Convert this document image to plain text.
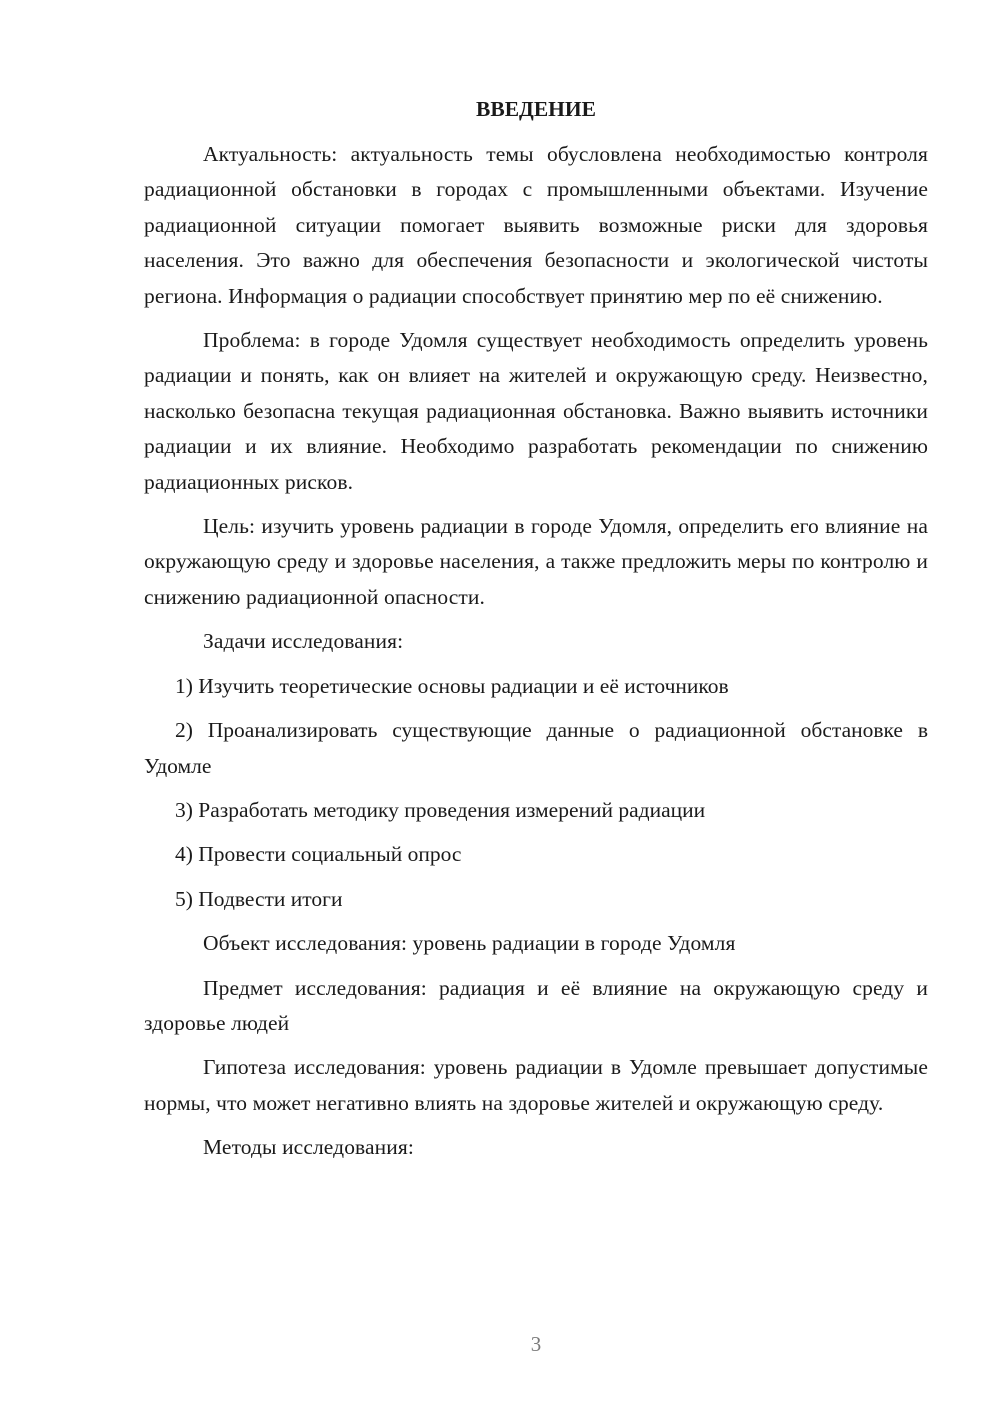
ВВЕДЕНИЕ

Актуальность: актуальность темы обусловлена необходимостью контроля радиационной обстановки в городах с промышленными объектами. Изучение радиационной ситуации помогает выявить возможные риски для здоровья населения. Это важно для обеспечения безопасности и экологической чистоты региона. Информация о радиации способствует принятию мер по её снижению.

Проблема: в городе Удомля существует необходимость определить уровень радиации и понять, как он влияет на жителей и окружающую среду. Неизвестно, насколько безопасна текущая радиационная обстановка. Важно выявить источники радиации и их влияние. Необходимо разработать рекомендации по снижению радиационных рисков.

Цель: изучить уровень радиации в городе Удомля, определить его влияние на окружающую среду и здоровье населения, а также предложить меры по контролю и снижению радиационной опасности.

Задачи исследования:

1) Изучить теоретические основы радиации и её источников

2) Проанализировать существующие данные о радиационной обстановке в Удомле

3) Разработать методику проведения измерений радиации

4) Провести социальный опрос

5) Подвести итоги

Объект исследования: уровень радиации в городе Удомля

Предмет исследования: радиация и её влияние на окружающую среду и здоровье людей

Гипотеза исследования: уровень радиации в Удомле превышает допустимые нормы, что может негативно влиять на здоровье жителей и окружающую среду.

Методы исследования:

3
